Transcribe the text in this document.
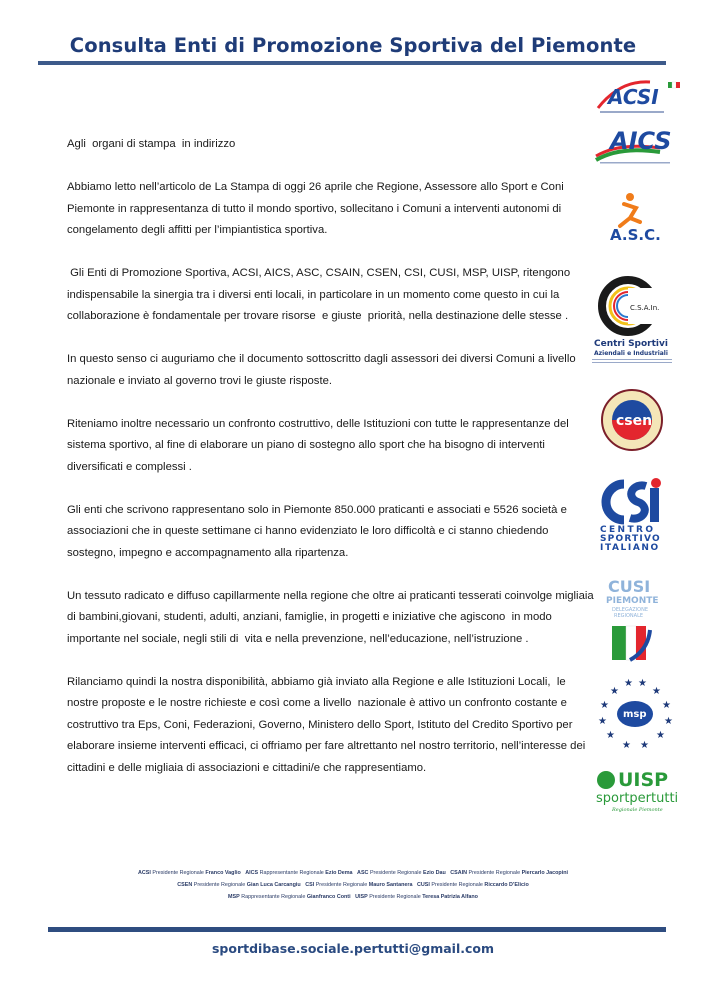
Consulta Enti di Promozione Sportiva del Piemonte

Agli  organi di stampa  in indirizzo

Abbiamo letto nell’articolo de La Stampa di oggi 26 aprile che Regione, Assessore allo Sport e Coni Piemonte in rappresentanza di tutto il mondo sportivo, sollecitano i Comuni a interventi autonomi di congelamento degli affitti per l’impiantistica sportiva.

Gli Enti di Promozione Sportiva, ACSI, AICS, ASC, CSAIN, CSEN, CSI, CUSI, MSP, UISP, ritengono indispensabile la sinergia tra i diversi enti locali, in particolare in un momento come questo in cui la collaborazione è fondamentale per trovare risorse  e giuste  priorità, nella destinazione delle stesse .

In questo senso ci auguriamo che il documento sottoscritto dagli assessori dei diversi Comuni a livello nazionale e inviato al governo trovi le giuste risposte.

Riteniamo inoltre necessario un confronto costruttivo, delle Istituzioni con tutte le rappresentanze del sistema sportivo, al fine di elaborare un piano di sostegno allo sport che ha bisogno di interventi diversificati e complessi .

Gli enti che scrivono rappresentano solo in Piemonte 850.000 praticanti e associati e 5526 società e associazioni che in queste settimane ci hanno evidenziato le loro difficoltà e ci stanno chiedendo  sostegno, impegno e accompagnamento alla ripartenza.

Un tessuto radicato e diffuso capillarmente nella regione che oltre ai praticanti tesserati coinvolge migliaia di bambini,giovani, studenti, adulti, anziani, famiglie, in progetti e iniziative che agiscono  in modo importante nel sociale, negli stili di  vita e nella prevenzione, nell’educazione, nell’istruzione .

Rilanciamo quindi la nostra disponibilità, abbiamo già inviato alla Regione e alle Istituzioni Locali,  le nostre proposte e le nostre richieste e così come a livello  nazionale è attivo un confronto costante e costruttivo tra Eps, Coni, Federazioni, Governo, Ministero dello Sport, Istituto del Credito Sportivo per elaborare insieme interventi efficaci, ci offriamo per fare altrettanto nel nostro territorio, nell’interesse dei cittadini e delle migliaia di associazioni e cittadini/e che rappresentiamo.

ACSI
AICS
A.S.C.
C.S.A.In.
Centri Sportivi
Aziendali e Industriali
csen
CENTRO
SPORTIVO
ITALIANO
CUSI
PIEMONTE
DELEGAZIONE
REGIONALE
★ ★
★	★
★	★
★	★
★	★
★ ★
msp
UISP
sportpertutti
Regionale Piemonte
ACSI Presidente Regionale Franco Vaglio AICS Rappresentante Regionale Ezio Dema ASC Presidente Regionale Ezio Dau CSAIN Presidente Regionale Piercarlo Jacopini
CSEN Presidente Regionale Gian Luca Carcangiu CSI Presidente Regionale Mauro Santanera CUSI Presidente Regionale Riccardo D’Elicio
MSP Rappresentante Regionale Gianfranco Conti UISP Presidente Regionale Teresa Patrizia Alfano
sportdibase.sociale.pertutti@gmail.com
